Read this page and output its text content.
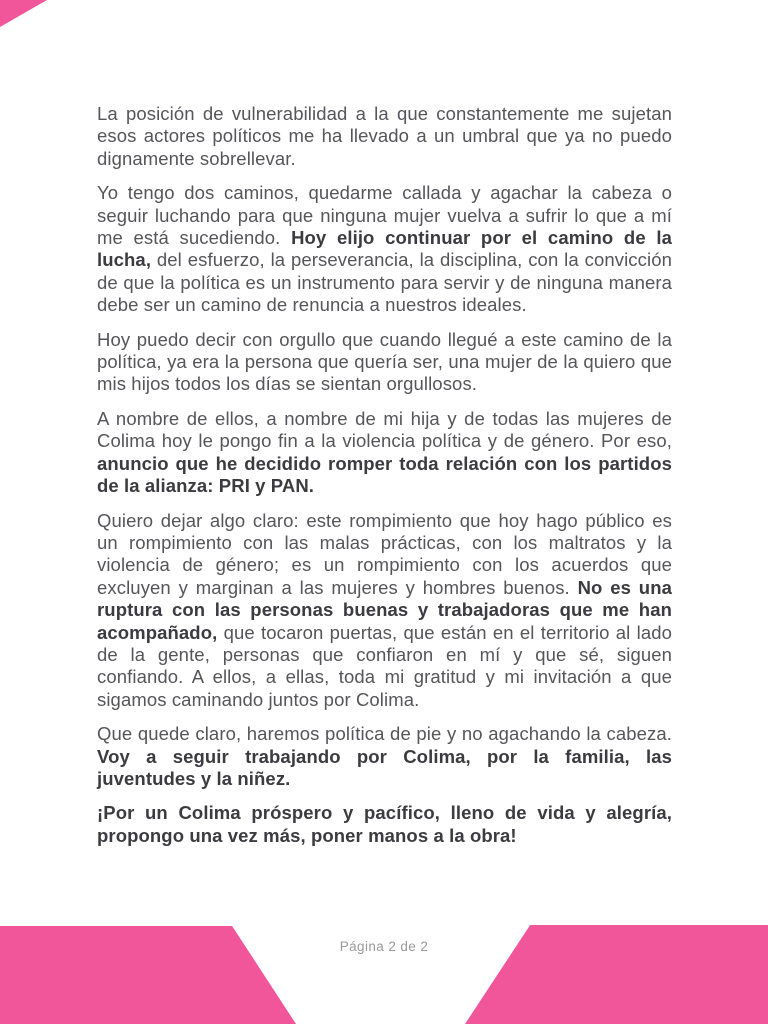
La posición de vulnerabilidad a la que constantemente me sujetan esos actores políticos me ha llevado a un umbral que ya no puedo dignamente sobrellevar.

Yo tengo dos caminos, quedarme callada y agachar la cabeza o seguir luchando para que ninguna mujer vuelva a sufrir lo que a mí me está sucediendo. Hoy elijo continuar por el camino de la lucha, del esfuerzo, la perseverancia, la disciplina, con la convicción de que la política es un instrumento para servir y de ninguna manera debe ser un camino de renuncia a nuestros ideales.

Hoy puedo decir con orgullo que cuando llegué a este camino de la política, ya era la persona que quería ser, una mujer de la quiero que mis hijos todos los días se sientan orgullosos.

A nombre de ellos, a nombre de mi hija y de todas las mujeres de Colima hoy le pongo fin a la violencia política y de género. Por eso, anuncio que he decidido romper toda relación con los partidos de la alianza: PRI y PAN.

Quiero dejar algo claro: este rompimiento que hoy hago público es un rompimiento con las malas prácticas, con los maltratos y la violencia de género; es un rompimiento con los acuerdos que excluyen y marginan a las mujeres y hombres buenos. No es una ruptura con las personas buenas y trabajadoras que me han acompañado, que tocaron puertas, que están en el territorio al lado de la gente, personas que confiaron en mí y que sé, siguen confiando. A ellos, a ellas, toda mi gratitud y mi invitación a que sigamos caminando juntos por Colima.

Que quede claro, haremos política de pie y no agachando la cabeza. Voy a seguir trabajando por Colima, por la familia, las juventudes y la niñez.

¡Por un Colima próspero y pacífico, lleno de vida y alegría, propongo una vez más, poner manos a la obra!

Página 2 de 2
